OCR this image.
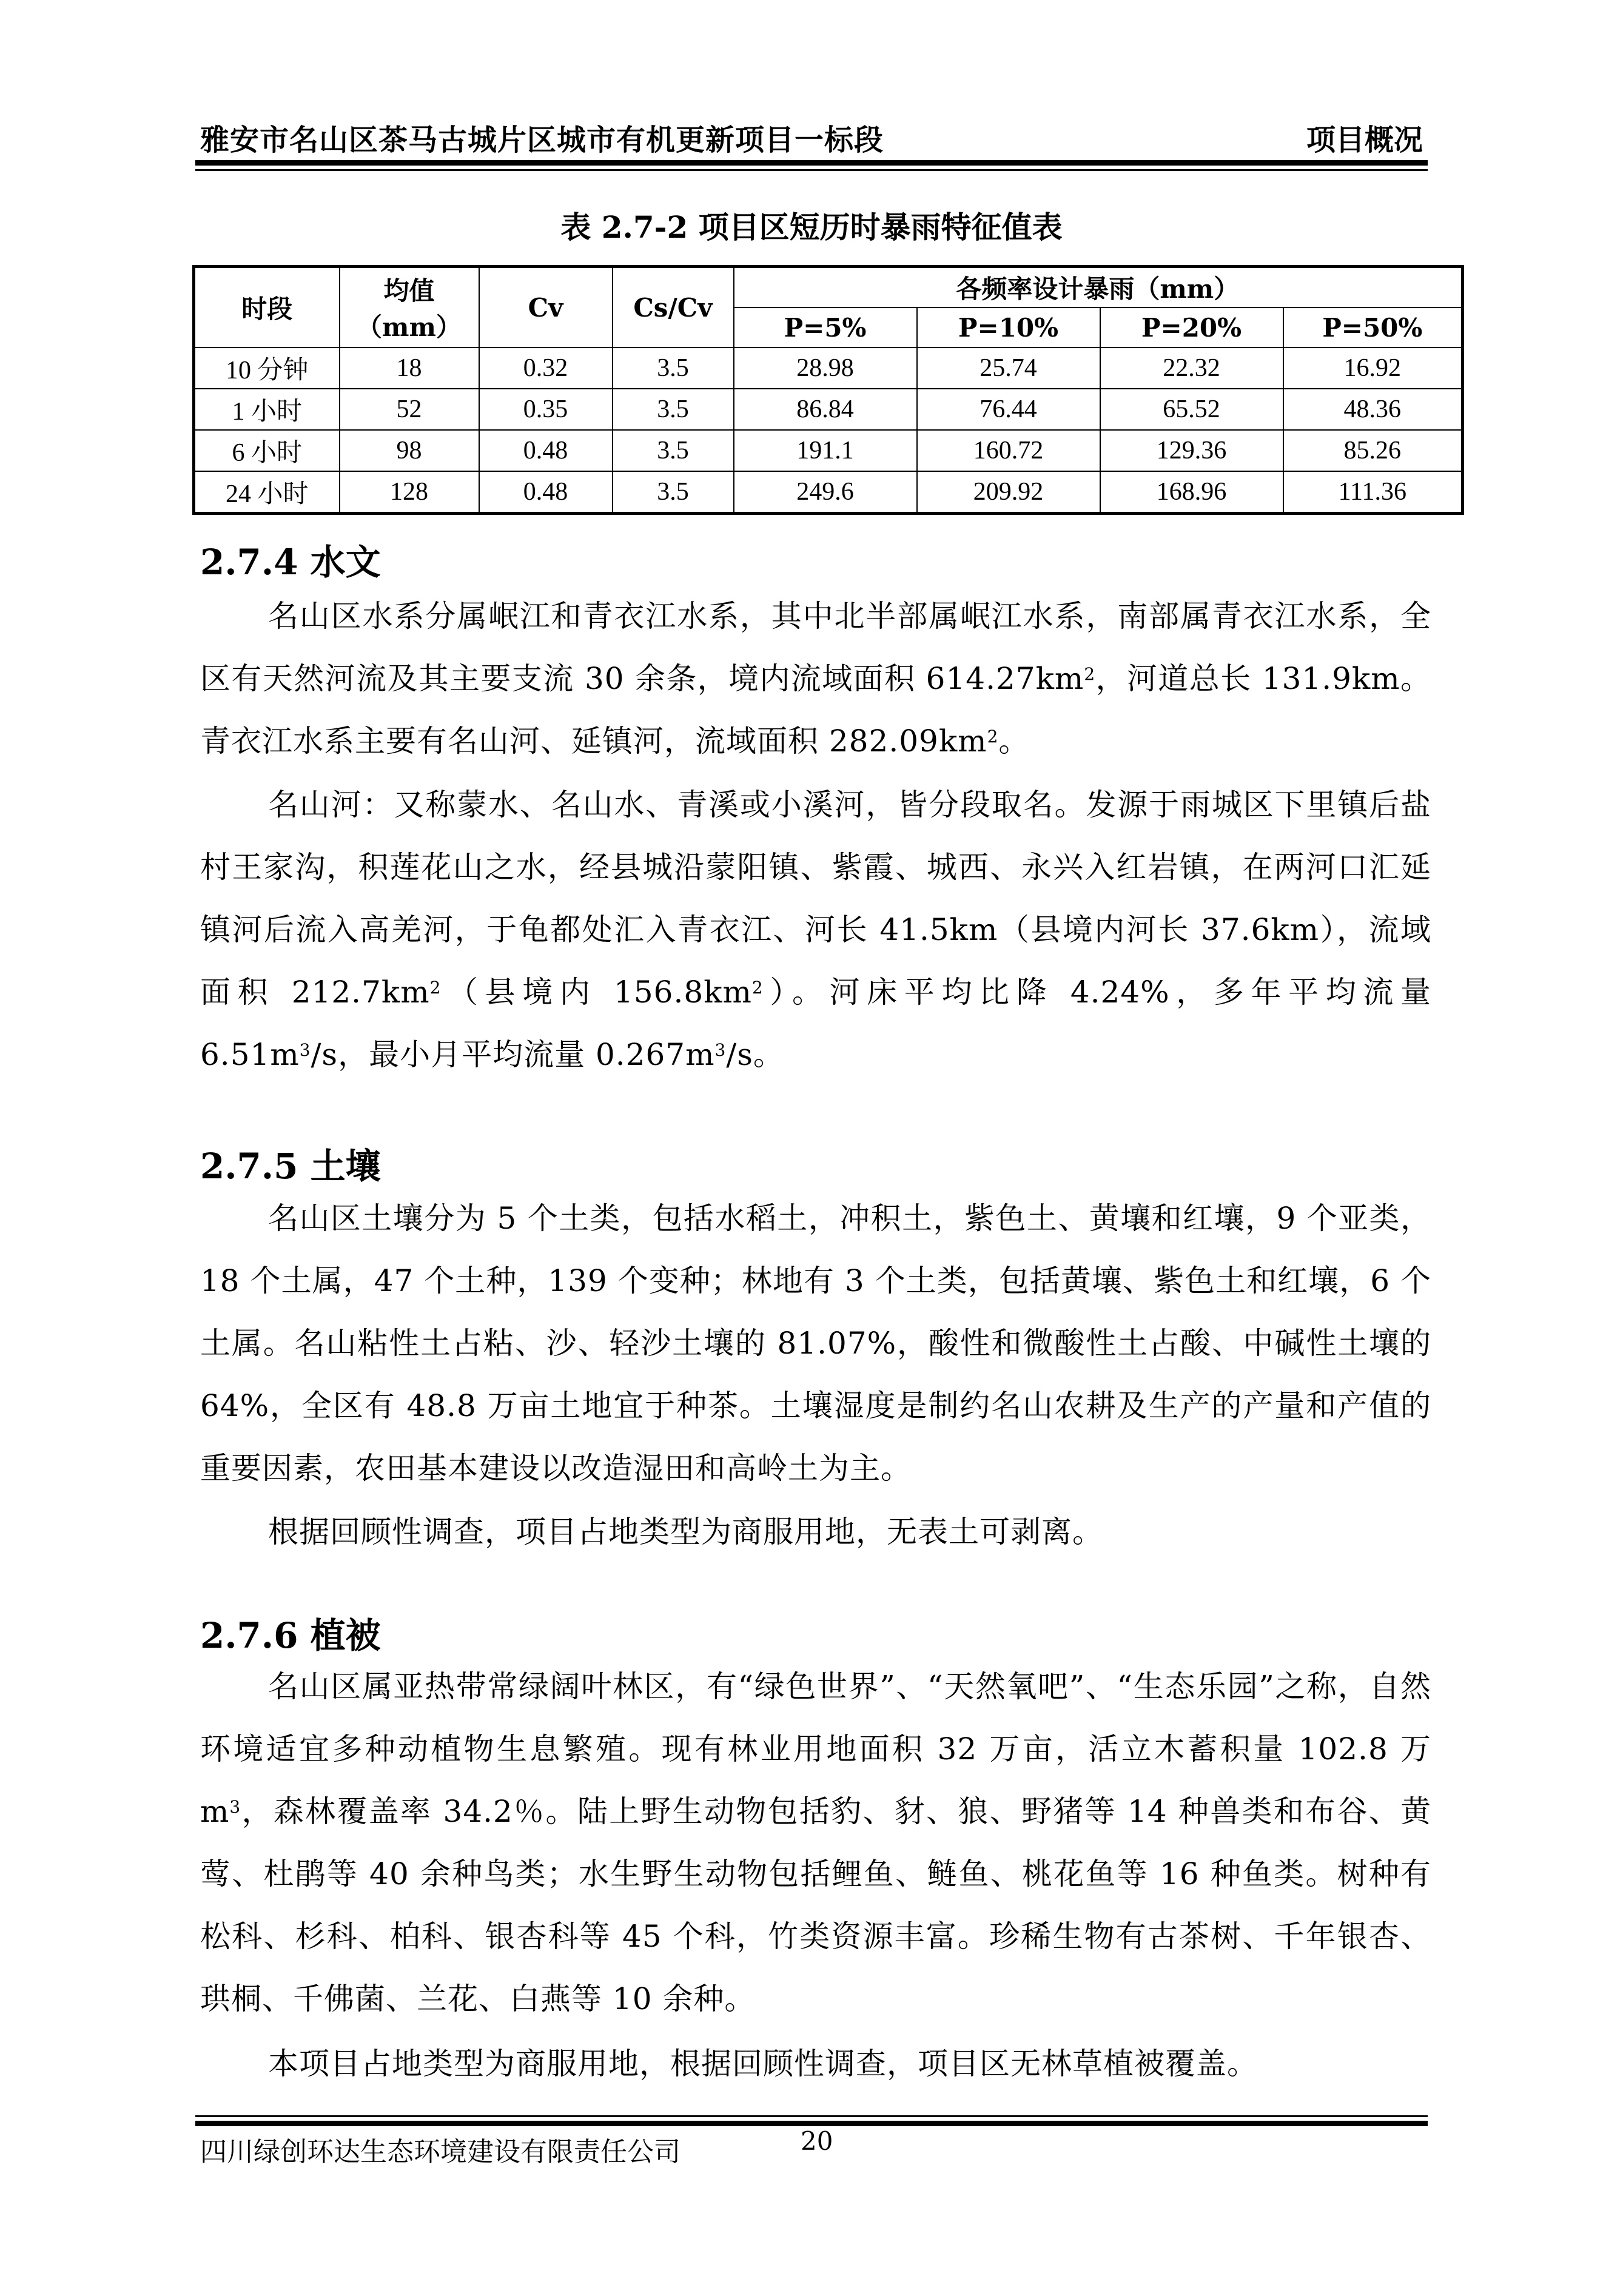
雅安市名山区茶马古城片区城市有机更新项目一标段	项目概况
表 2.7-2 项目区短历时暴雨特征值表
时段	均值（mm）	Cv	Cs/Cv	各频率设计暴雨（mm）			
				P=5%	P=10%	P=20%	P=50%
10 分钟	18	0.32	3.5	28.98	25.74	22.32	16.92
1 小时	52	0.35	3.5	86.84	76.44	65.52	48.36
6 小时	98	0.48	3.5	191.1	160.72	129.36	85.26
24 小时	128	0.48	3.5	249.6	209.92	168.96	111.36
2.7.4 水文

名山区水系分属岷江和青衣江水系，其中北半部属岷江水系，南部属青衣江水系，全区有天然河流及其主要支流 30 余条，境内流域面积 $614.27km^2$，河道总长 131.9km。青衣江水系主要有名山河、延镇河，流域面积 $282.09km^2$。

名山河：又称蒙水、名山水、青溪或小溪河，皆分段取名。发源于雨城区下里镇后盐村王家沟，积莲花山之水，经县城沿蒙阳镇、紫霞、城西、永兴入红岩镇，在两河口汇延镇河后流入高羌河，于龟都处汇入青衣江、河长 41.5km（县境内河长 37.6km），流域面积 $212.7km^2$（县境内 $156.8km^2$）。河床平均比降 4.24%，多年平均流量 $6.51m^3/s$，最小月平均流量 $0.267m^3/s$。

2.7.5 土壤

名山区土壤分为 5 个土类，包括水稻土，冲积土，紫色土、黄壤和红壤，9 个亚类，18 个土属，47 个土种，139 个变种；林地有 3 个土类，包括黄壤、紫色土和红壤，6 个土属。名山粘性土占粘、沙、轻沙土壤的 81.07%，酸性和微酸性土占酸、中碱性土壤的 64%，全区有 48.8 万亩土地宜于种茶。土壤湿度是制约名山农耕及生产的产量和产值的重要因素，农田基本建设以改造湿田和高岭土为主。

根据回顾性调查，项目占地类型为商服用地，无表土可剥离。

2.7.6 植被

名山区属亚热带常绿阔叶林区，有“绿色世界”、“天然氧吧”、“生态乐园”之称，自然环境适宜多种动植物生息繁殖。现有林业用地面积 32 万亩，活立木蓄积量 102.8 万 $m^3$，森林覆盖率 34.2％。陆上野生动物包括豹、豺、狼、野猪等 14 种兽类和布谷、黄莺、杜鹃等 40 余种鸟类；水生野生动物包括鲤鱼、鲢鱼、桃花鱼等 16 种鱼类。树种有松科、杉科、柏科、银杏科等 45 个科，竹类资源丰富。珍稀生物有古茶树、千年银杏、珙桐、千佛菌、兰花、白燕等 10 余种。

本项目占地类型为商服用地，根据回顾性调查，项目区无林草植被覆盖。

四川绿创环达生态环境建设有限责任公司	20
